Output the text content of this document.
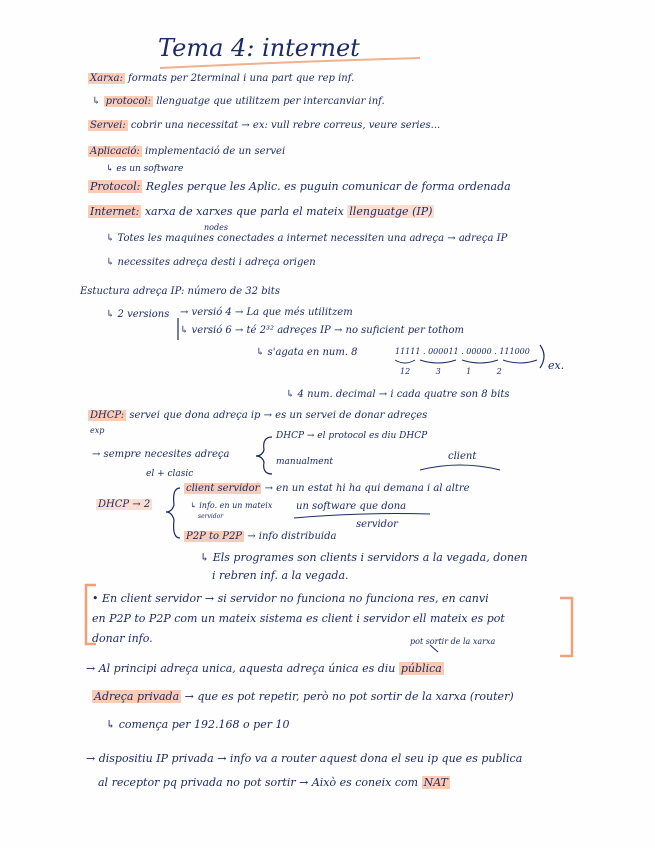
Tema 4: internet
Xarxa: formats per 2terminal i una part que rep inf.
↳ protocol: llenguatge que utilitzem per intercanviar inf.
Servei: cobrir una necessitat → ex: vull rebre correus, veure series...
Aplicació: implementació de un servei
↳ es un software
Protocol: Regles perque les Aplic. es puguin comunicar de forma ordenada
Internet: xarxa de xarxes que parla el mateix llenguatge (IP)
nodes
↳ Totes les maquines conectades a internet necessiten una adreça → adreça IP
↳ necessites adreça desti i adreça origen
Estuctura adreça IP: número de 32 bits
↳ 2 versions → versió 4 → La que més utilitzem
↳ versió 6 → té 2³² adreçes IP → no suficient per tothom
↳ s'agata en num. 8	11111 . 000011 . 00000 . 111000
12          3          1          2	ex.
↳ 4 num. decimal → i cada quatre son 8 bits
DHCP: servei que dona adreça ip → es un servei de donar adreçes
exp
→ sempre necesites adreça
DHCP → el protocol es diu DHCP
manualment	client
el + clasic
DHCP → 2
client servidor → en un estat hi ha qui demana i al altre
↳ info. en un mateix
servidor
un software que dona
servidor
P2P to P2P → info distribuida
↳ Els programes son clients i servidors a la vegada, donen
i rebren inf. a la vegada.
• En client servidor → si servidor no funciona no funciona res, en canvi
en P2P to P2P com un mateix sistema es client i servidor ell mateix es pot
donar info.	pot sortir de la xarxa
→ Al principi adreça unica, aquesta adreça única es diu pública
Adreça privada → que es pot repetir, però no pot sortir de la xarxa (router)
↳ comença per 192.168 o per 10
→ dispositiu IP privada → info va a router aquest dona el seu ip que es publica
al receptor pq privada no pot sortir → Això es coneix com NAT
